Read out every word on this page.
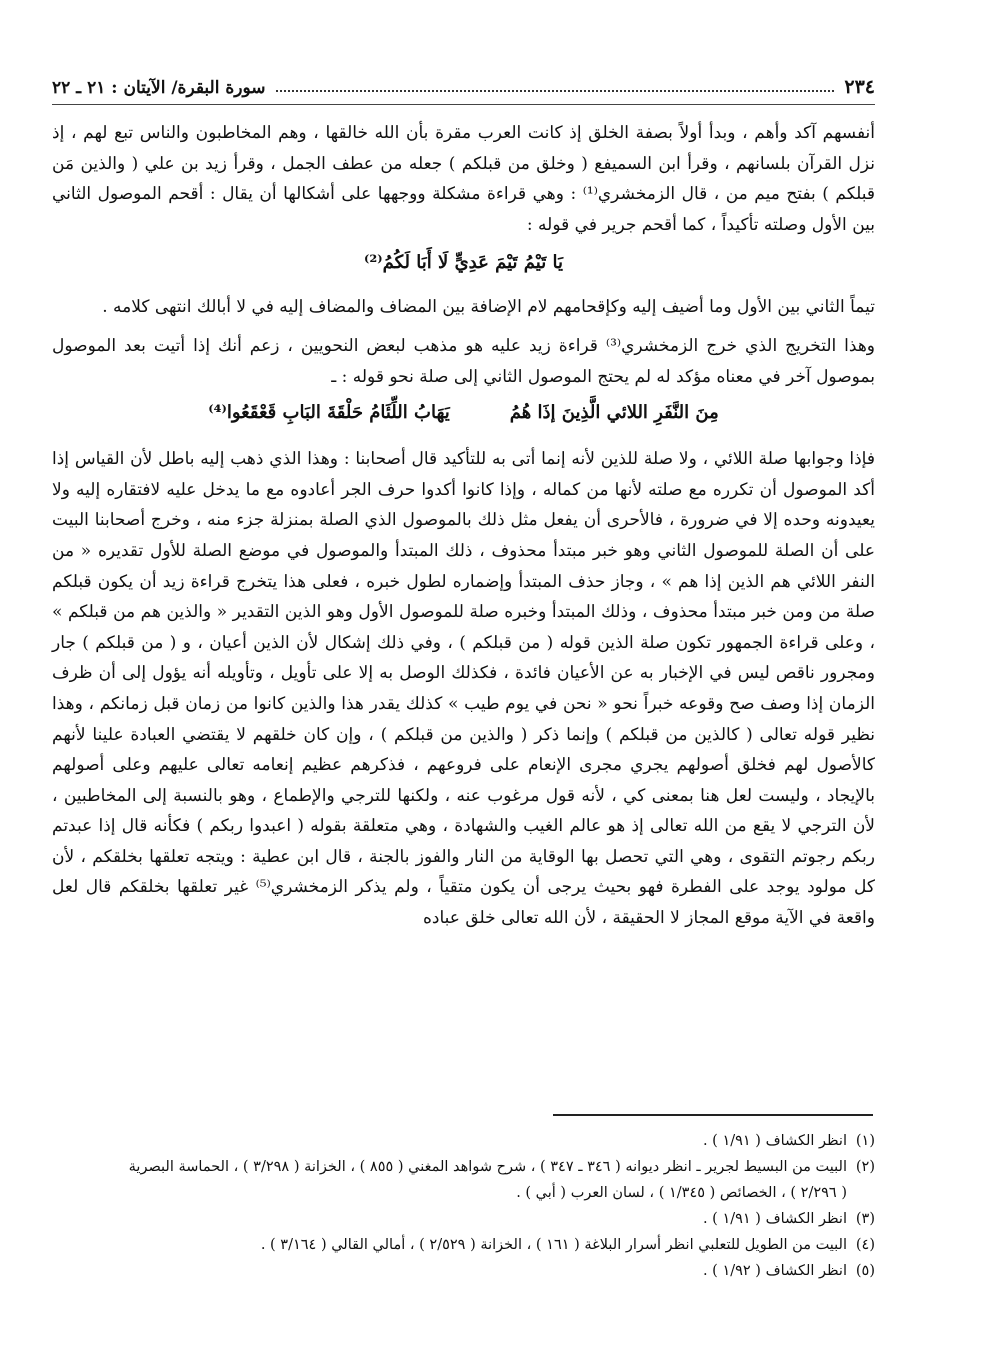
٢٣٤
سورة البقرة/ الآيتان : ٢١ ـ ٢٢

أنفسهم آكد وأهم ، وبدأ أولاً بصفة الخلق إذ كانت العرب مقرة بأن الله خالقها ، وهم المخاطبون والناس تبع لهم ، إذ نزل القرآن بلسانهم ، وقرأ ابن السميفع ( وخلق من قبلكم ) جعله من عطف الجمل ، وقرأ زيد بن علي ( والذين مَن قبلكم ) بفتح ميم من ، قال الزمخشري⁽¹⁾ : وهي قراءة مشكلة ووجهها على أشكالها أن يقال : أقحم الموصول الثاني بين الأول وصلته تأكيداً ، كما أقحم جرير في قوله :

يَا تَيْمُ تَيْمَ عَدِيٍّ لَا أَبَا لَكُمُ⁽²⁾

تيماً الثاني بين الأول وما أضيف إليه وكإقحامهم لام الإضافة بين المضاف والمضاف إليه في لا أبالك انتهى كلامه .

وهذا التخريج الذي خرج الزمخشري⁽³⁾ قراءة زيد عليه هو مذهب لبعض النحويين ، زعم أنك إذا أتيت بعد الموصول بموصول آخر في معناه مؤكد له لم يحتج الموصول الثاني إلى صلة نحو قوله : ـ

مِنَ النَّفَرِ اللائي الَّذِينَ إذَا هُمُ
يَهَابُ اللِّئَامُ حَلْقَةَ البَابِ قَعْقَعُوا⁽⁴⁾

فإذا وجوابها صلة اللائي ، ولا صلة للذين لأنه إنما أتى به للتأكيد قال أصحابنا : وهذا الذي ذهب إليه باطل لأن القياس إذا أكد الموصول أن تكرره مع صلته لأنها من كماله ، وإذا كانوا أكدوا حرف الجر أعادوه مع ما يدخل عليه لافتقاره إليه ولا يعيدونه وحده إلا في ضرورة ، فالأحرى أن يفعل مثل ذلك بالموصول الذي الصلة بمنزلة جزء منه ، وخرج أصحابنا البيت على أن الصلة للموصول الثاني وهو خبر مبتدأ محذوف ، ذلك المبتدأ والموصول في موضع الصلة للأول تقديره « من النفر اللائي هم الذين إذا هم » ، وجاز حذف المبتدأ وإضماره لطول خبره ، فعلى هذا يتخرج قراءة زيد أن يكون قبلكم صلة من ومن خبر مبتدأ محذوف ، وذلك المبتدأ وخبره صلة للموصول الأول وهو الذين التقدير « والذين هم من قبلكم » ، وعلى قراءة الجمهور تكون صلة الذين قوله ( من قبلكم ) ، وفي ذلك إشكال لأن الذين أعيان ، و ( من قبلكم ) جار ومجرور ناقص ليس في الإخبار به عن الأعيان فائدة ، فكذلك الوصل به إلا على تأويل ، وتأويله أنه يؤول إلى أن ظرف الزمان إذا وصف صح وقوعه خبراً نحو « نحن في يوم طيب » كذلك يقدر هذا والذين كانوا من زمان قبل زمانكم ، وهذا نظير قوله تعالى ( كالذين من قبلكم ) وإنما ذكر ( والذين من قبلكم ) ، وإن كان خلقهم لا يقتضي العبادة علينا لأنهم كالأصول لهم فخلق أصولهم يجري مجرى الإنعام على فروعهم ، فذكرهم عظيم إنعامه تعالى عليهم وعلى أصولهم بالإيجاد ، وليست لعل هنا بمعنى كي ، لأنه قول مرغوب عنه ، ولكنها للترجي والإطماع ، وهو بالنسبة إلى المخاطبين ، لأن الترجي لا يقع من الله تعالى إذ هو عالم الغيب والشهادة ، وهي متعلقة بقوله ( اعبدوا ربكم ) فكأنه قال إذا عبدتم ربكم رجوتم التقوى ، وهي التي تحصل بها الوقاية من النار والفوز بالجنة ، قال ابن عطية : ويتجه تعلقها بخلقكم ، لأن كل مولود يوجد على الفطرة فهو بحيث يرجى أن يكون متقياً ، ولم يذكر الزمخشري⁽⁵⁾ غير تعلقها بخلقكم قال لعل واقعة في الآية موقع المجاز لا الحقيقة ، لأن الله تعالى خلق عباده

(١)
انظر الكشاف ( ١/٩١ ) .

(٢)
البيت من البسيط لجرير ـ انظر ديوانه ( ٣٤٦ ـ ٣٤٧ ) ، شرح شواهد المغني ( ٨٥٥ ) ، الخزانة ( ٣/٢٩٨ ) ، الحماسة البصرية

( ٢/٢٩٦ ) ، الخصائص ( ١/٣٤٥ ) ، لسان العرب ( أبي ) .

(٣)
انظر الكشاف ( ١/٩١ ) .

(٤)
البيت من الطويل للتعلبي انظر أسرار البلاغة ( ١٦١ ) ، الخزانة ( ٢/٥٢٩ ) ، أمالي القالي ( ٣/١٦٤ ) .

(٥)
انظر الكشاف ( ١/٩٢ ) .
